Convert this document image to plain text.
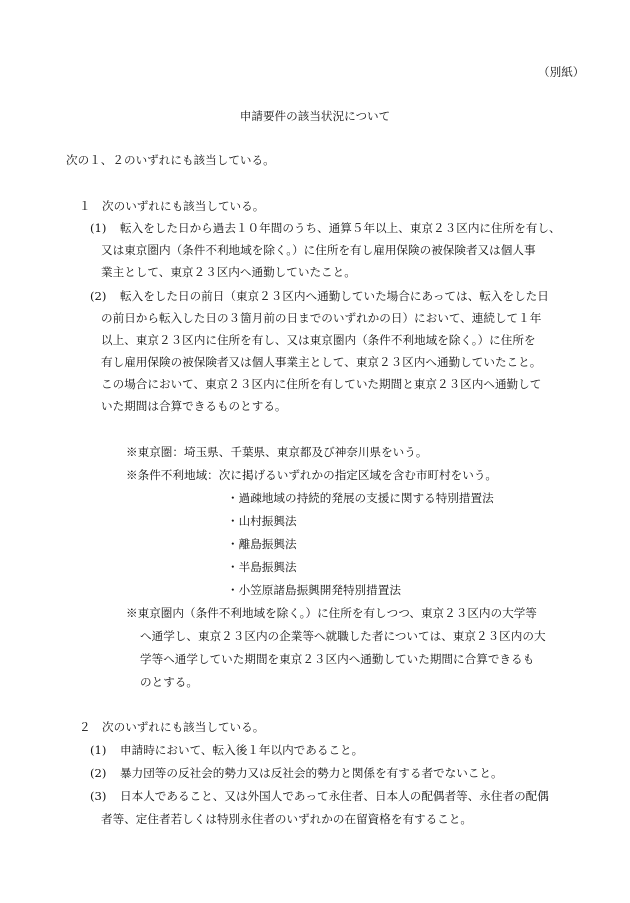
（別紙）
申請要件の該当状況について
次の１、２のいずれにも該当している。
１ 次のいずれにも該当している。
(1) 転入をした日から過去１０年間のうち、通算５年以上、東京２３区内に住所を有し、
又は東京圏内（条件不利地域を除く。）に住所を有し雇用保険の被保険者又は個人事
業主として、東京２３区内へ通勤していたこと。
(2) 転入をした日の前日（東京２３区内へ通勤していた場合にあっては、転入をした日
の前日から転入した日の３箇月前の日までのいずれかの日）において、連続して１年
以上、東京２３区内に住所を有し、又は東京圏内（条件不利地域を除く。）に住所を
有し雇用保険の被保険者又は個人事業主として、東京２３区内へ通勤していたこと。
この場合において、東京２３区内に住所を有していた期間と東京２３区内へ通勤して
いた期間は合算できるものとする。
※東京圏：埼玉県、千葉県、東京都及び神奈川県をいう。
※条件不利地域：次に掲げるいずれかの指定区域を含む市町村をいう。
・過疎地域の持続的発展の支援に関する特別措置法
・山村振興法
・離島振興法
・半島振興法
・小笠原諸島振興開発特別措置法
※東京圏内（条件不利地域を除く。）に住所を有しつつ、東京２３区内の大学等
へ通学し、東京２３区内の企業等へ就職した者については、東京２３区内の大
学等へ通学していた期間を東京２３区内へ通勤していた期間に合算できるも
のとする。
２ 次のいずれにも該当している。
(1) 申請時において、転入後１年以内であること。
(2) 暴力団等の反社会的勢力又は反社会的勢力と関係を有する者でないこと。
(3) 日本人であること、又は外国人であって永住者、日本人の配偶者等、永住者の配偶
者等、定住者若しくは特別永住者のいずれかの在留資格を有すること。
